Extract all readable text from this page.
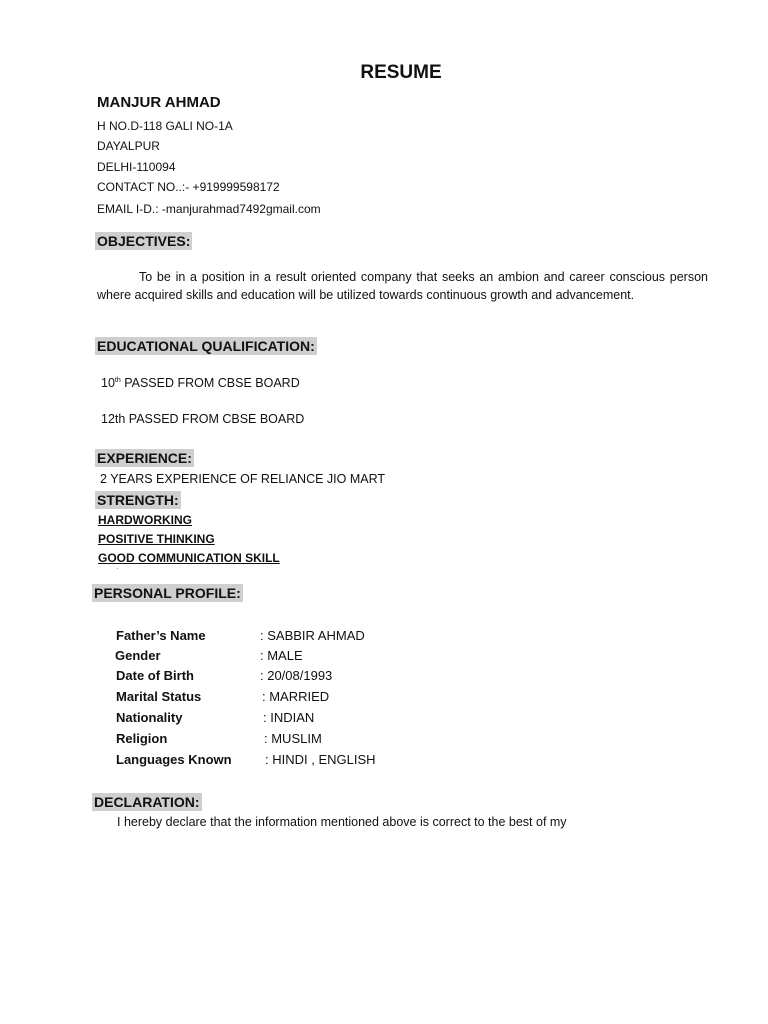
RESUME
MANJUR AHMAD
H NO.D-118 GALI NO-1A
DAYALPUR
DELHI-110094
CONTACT NO..:- +919999598172
EMAIL I-D.: -manjurahmad7492gmail.com
OBJECTIVES:
To be in a position in a result oriented company that seeks an ambion and career conscious person where acquired skills and education will be utilized towards continuous growth and advancement.
EDUCATIONAL QUALIFICATION:
10th PASSED FROM CBSE BOARD
12th PASSED FROM CBSE BOARD
EXPERIENCE:
2 YEARS EXPERIENCE OF RELIANCE JIO MART
STRENGTH:
HARDWORKING
POSITIVE THINKING
GOOD COMMUNICATION SKILL
·
PERSONAL PROFILE:
Father’s Name	: SABBIR AHMAD
Gender	: MALE
Date of Birth	: 20/08/1993
Marital Status	: MARRIED
Nationality	: INDIAN
Religion	: MUSLIM
Languages Known	: HINDI , ENGLISH
DECLARATION:
I hereby declare that the information mentioned above is correct to the best of my
